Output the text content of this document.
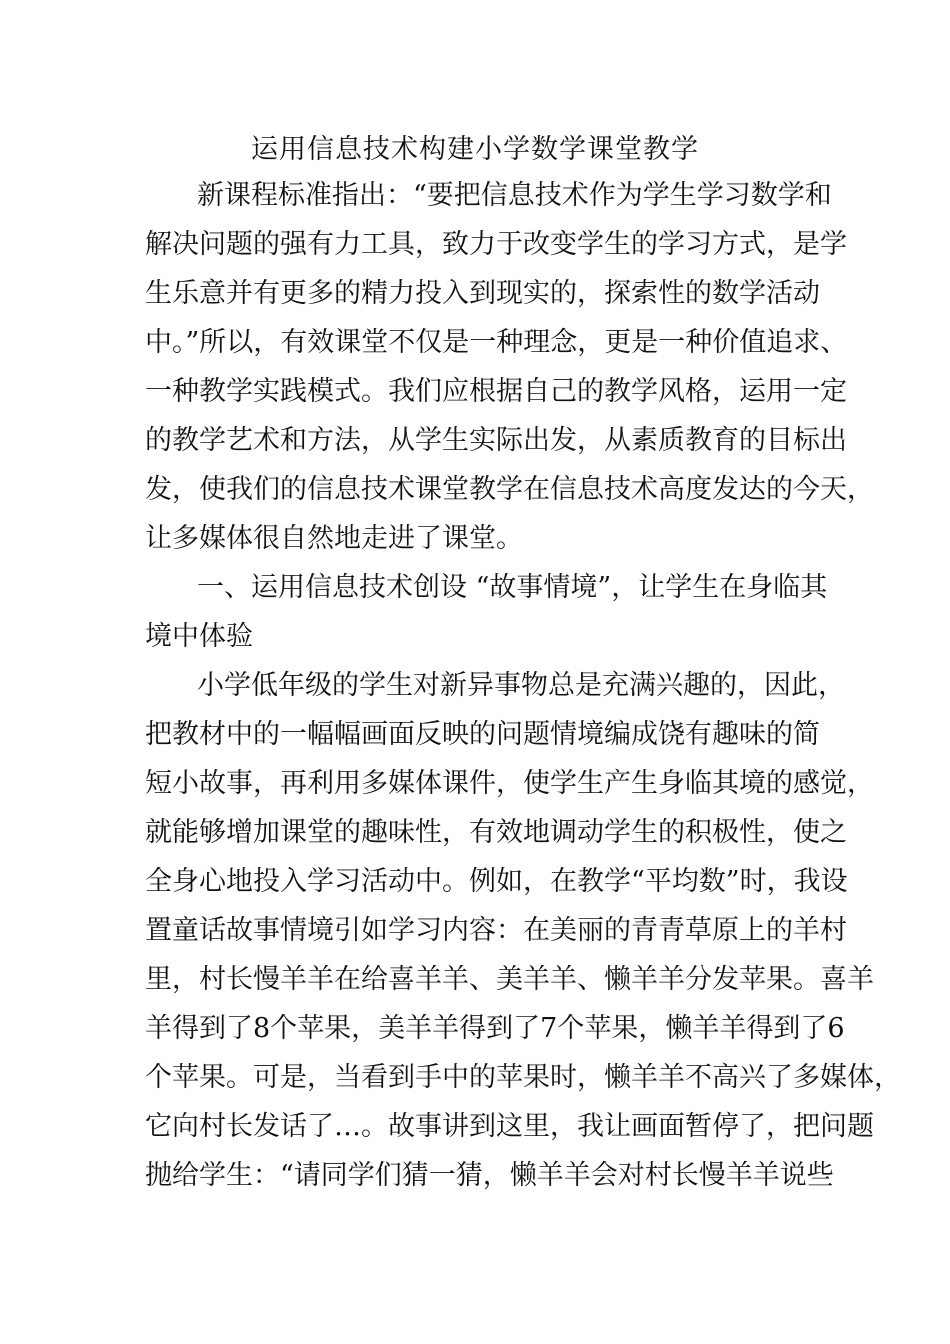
运用信息技术构建小学数学课堂教学
新课程标准指出：“要把信息技术作为学生学习数学和
解决问题的强有力工具，致力于改变学生的学习方式，是学
生乐意并有更多的精力投入到现实的，探索性的数学活动
中。”所以，有效课堂不仅是一种理念，更是一种价值追求、
一种教学实践模式。我们应根据自己的教学风格，运用一定
的教学艺术和方法，从学生实际出发，从素质教育的目标出
发，使我们的信息技术课堂教学在信息技术高度发达的今天，
让多媒体很自然地走进了课堂。
一、运用信息技术创设 “故事情境”，让学生在身临其
境中体验
小学低年级的学生对新异事物总是充满兴趣的，因此，
把教材中的一幅幅画面反映的问题情境编成饶有趣味的简
短小故事，再利用多媒体课件，使学生产生身临其境的感觉，
就能够增加课堂的趣味性，有效地调动学生的积极性，使之
全身心地投入学习活动中。例如，在教学“平均数”时，我设
置童话故事情境引如学习内容：在美丽的青青草原上的羊村
里，村长慢羊羊在给喜羊羊、美羊羊、懒羊羊分发苹果。喜羊
羊得到了8个苹果，美羊羊得到了7个苹果，懒羊羊得到了6
个苹果。可是，当看到手中的苹果时，懒羊羊不高兴了多媒体，
它向村长发话了…。故事讲到这里，我让画面暂停了，把问题
抛给学生：“请同学们猜一猜，懒羊羊会对村长慢羊羊说些
